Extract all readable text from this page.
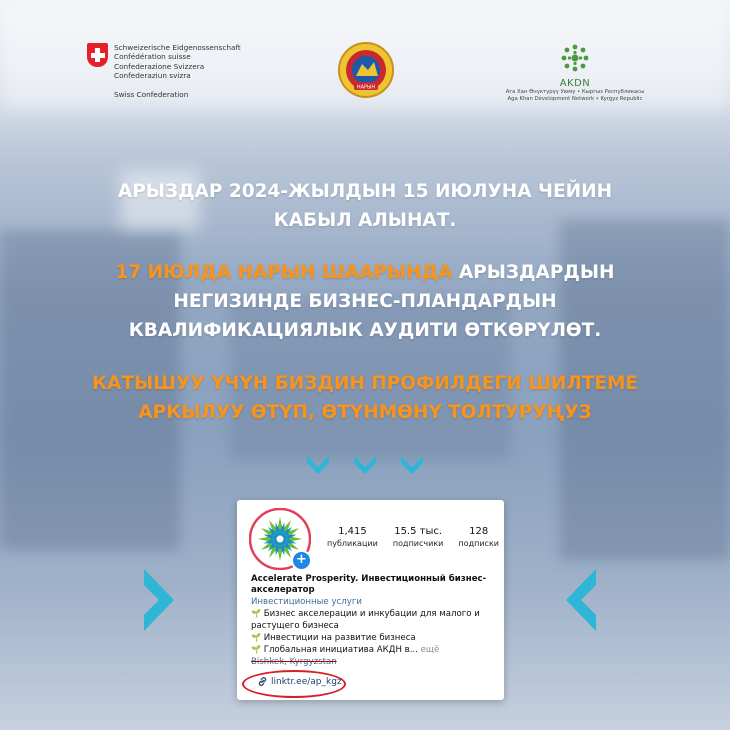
Schweizerische Eidgenossenschaft
Confédération suisse
Confederazione Svizzera
Confederaziun svizra
Swiss Confederation
НАРЫН	AKDN
Ага Хан Өнүктүрүү Уюму • Кыргыз Республикасы
Aga Khan Development Network • Kyrgyz Republic
АРЫЗДАР 2024-ЖЫЛДЫН 15 ИЮЛУНА ЧЕЙИН
КАБЫЛ АЛЫНАТ.
17 ИЮЛДА НАРЫН ШААРЫНДА АРЫЗДАРДЫН
НЕГИЗИНДЕ БИЗНЕС-ПЛАНДАРДЫН
КВАЛИФИКАЦИЯЛЫК АУДИТИ ӨТКӨРҮЛӨТ.
КАТЫШУУ ҮЧҮН БИЗДИН ПРОФИЛДЕГИ ШИЛТЕМЕ
АРКЫЛУУ ӨТҮП, ӨТҮНМӨНҮ ТОЛТУРУҢУЗ
+
1,415
публикации
15.5 тыс.
подписчики
128
подписки
Accelerate Prosperity. Инвестиционный бизнес-акселератор
Инвестиционные услуги
🌱 Бизнес акселерации и инкубации для малого и растущего бизнеса
🌱 Инвестиции на развитие бизнеса
🌱 Глобальная инициатива АКДН в... ещё
Bishkek, Kyrgyzstan
linktr.ee/ap_kgz
